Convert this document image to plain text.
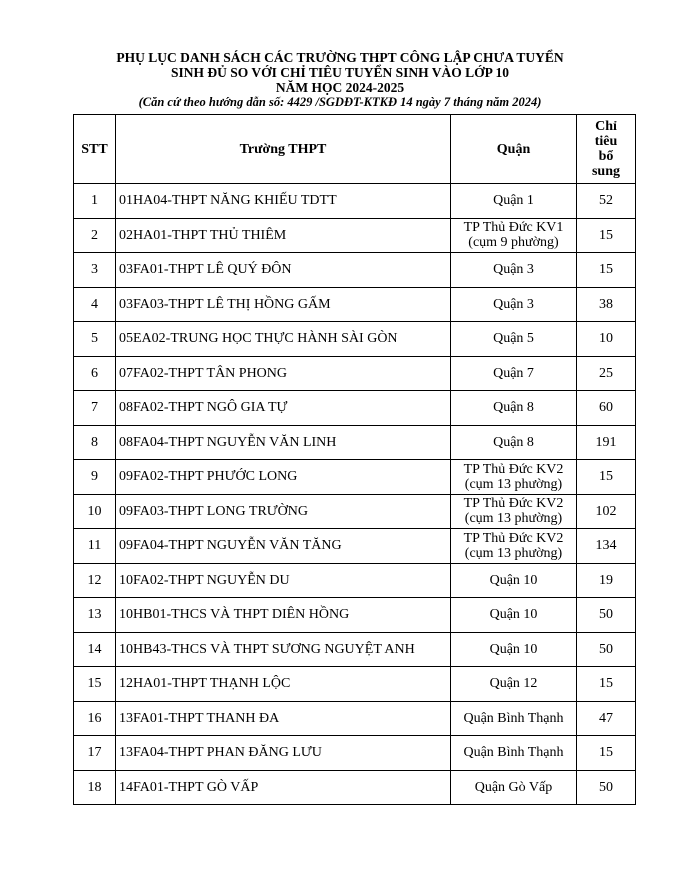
PHỤ LỤC DANH SÁCH CÁC TRƯỜNG THPT CÔNG LẬP CHƯA TUYỂN
SINH ĐỦ SO VỚI CHỈ TIÊU TUYỂN SINH VÀO LỚP 10
NĂM HỌC 2024-2025
(Căn cứ theo hướng dẫn số: 4429 /SGDĐT-KTKĐ 14 ngày 7 tháng năm 2024)
STT	Trường THPT	Quận	Chỉ
tiêu
bổ
sung
1	01HA04-THPT NĂNG KHIẾU TDTT	Quận 1	52
2	02HA01-THPT THỦ THIÊM	TP Thủ Đức KV1
(cụm 9 phường)	15
3	03FA01-THPT LÊ QUÝ ĐÔN	Quận 3	15
4	03FA03-THPT LÊ THỊ HỒNG GẤM	Quận 3	38
5	05EA02-TRUNG HỌC THỰC HÀNH SÀI GÒN	Quận 5	10
6	07FA02-THPT TÂN PHONG	Quận 7	25
7	08FA02-THPT NGÔ GIA TỰ	Quận 8	60
8	08FA04-THPT NGUYỄN VĂN LINH	Quận 8	191
9	09FA02-THPT PHƯỚC LONG	TP Thủ Đức KV2
(cụm 13 phường)	15
10	09FA03-THPT LONG TRƯỜNG	TP Thủ Đức KV2
(cụm 13 phường)	102
11	09FA04-THPT NGUYỄN VĂN TĂNG	TP Thủ Đức KV2
(cụm 13 phường)	134
12	10FA02-THPT NGUYỄN DU	Quận 10	19
13	10HB01-THCS VÀ THPT DIÊN HỒNG	Quận 10	50
14	10HB43-THCS VÀ THPT SƯƠNG NGUYỆT ANH	Quận 10	50
15	12HA01-THPT THẠNH LỘC	Quận 12	15
16	13FA01-THPT THANH ĐA	Quận Bình Thạnh	47
17	13FA04-THPT PHAN ĐĂNG LƯU	Quận Bình Thạnh	15
18	14FA01-THPT GÒ VẤP	Quận Gò Vấp	50
